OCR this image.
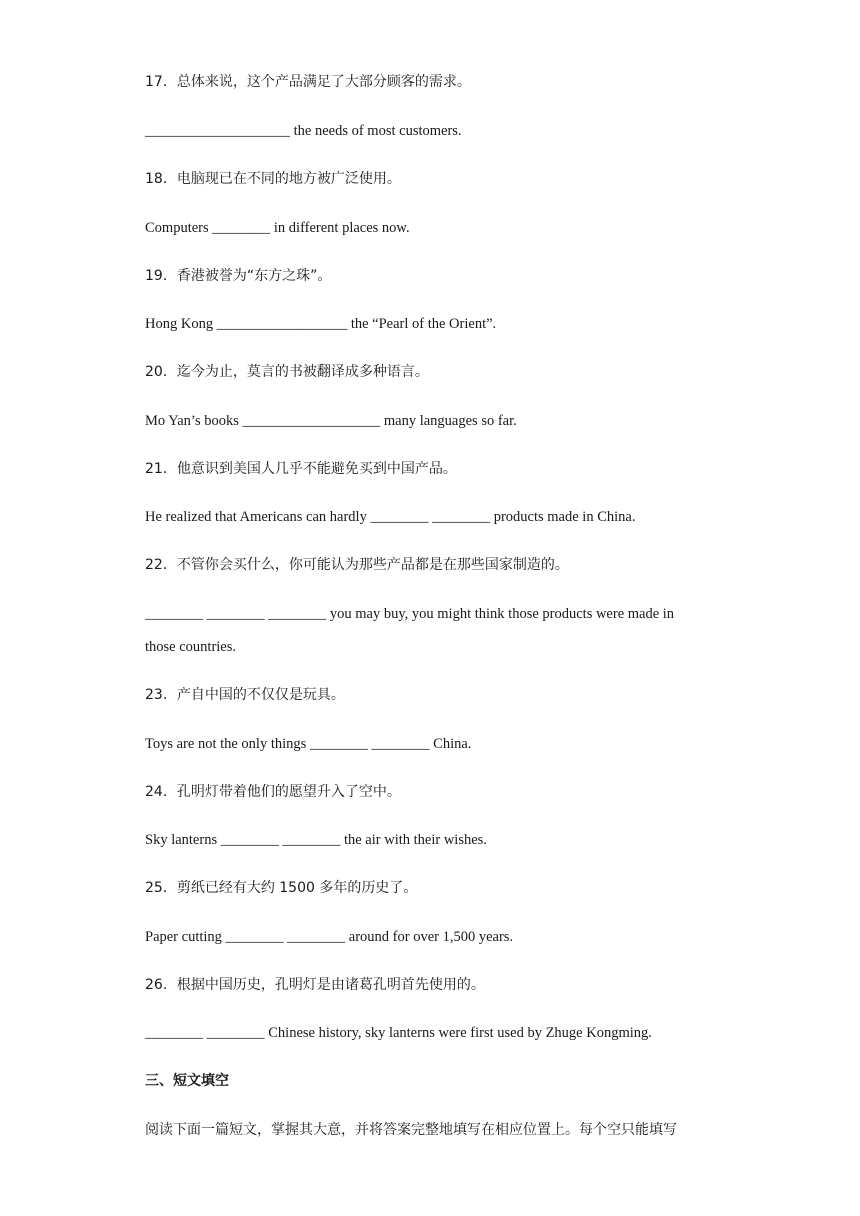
17．总体来说，这个产品满足了大部分顾客的需求。
____________________ the needs of most customers.
18．电脑现已在不同的地方被广泛使用。
Computers ________ in different places now.
19．香港被誉为“东方之珠”。
Hong Kong __________________ the “Pearl of the Orient”.
20．迄今为止，莫言的书被翻译成多种语言。
Mo Yan’s books ___________________ many languages so far.
21．他意识到美国人几乎不能避免买到中国产品。
He realized that Americans can hardly ________ ________ products made in China.
22．不管你会买什么，你可能认为那些产品都是在那些国家制造的。
________ ________ ________ you may buy, you might think those products were made in
those countries.
23．产自中国的不仅仅是玩具。
Toys are not the only things ________ ________ China.
24．孔明灯带着他们的愿望升入了空中。
Sky lanterns ________ ________ the air with their wishes.
25．剪纸已经有大约 1500 多年的历史了。
Paper cutting ________ ________ around for over 1,500 years.
26．根据中国历史，孔明灯是由诸葛孔明首先使用的。
________ ________ Chinese history, sky lanterns were first used by Zhuge Kongming.
三、短文填空
阅读下面一篇短文，掌握其大意，并将答案完整地填写在相应位置上。每个空只能填写
